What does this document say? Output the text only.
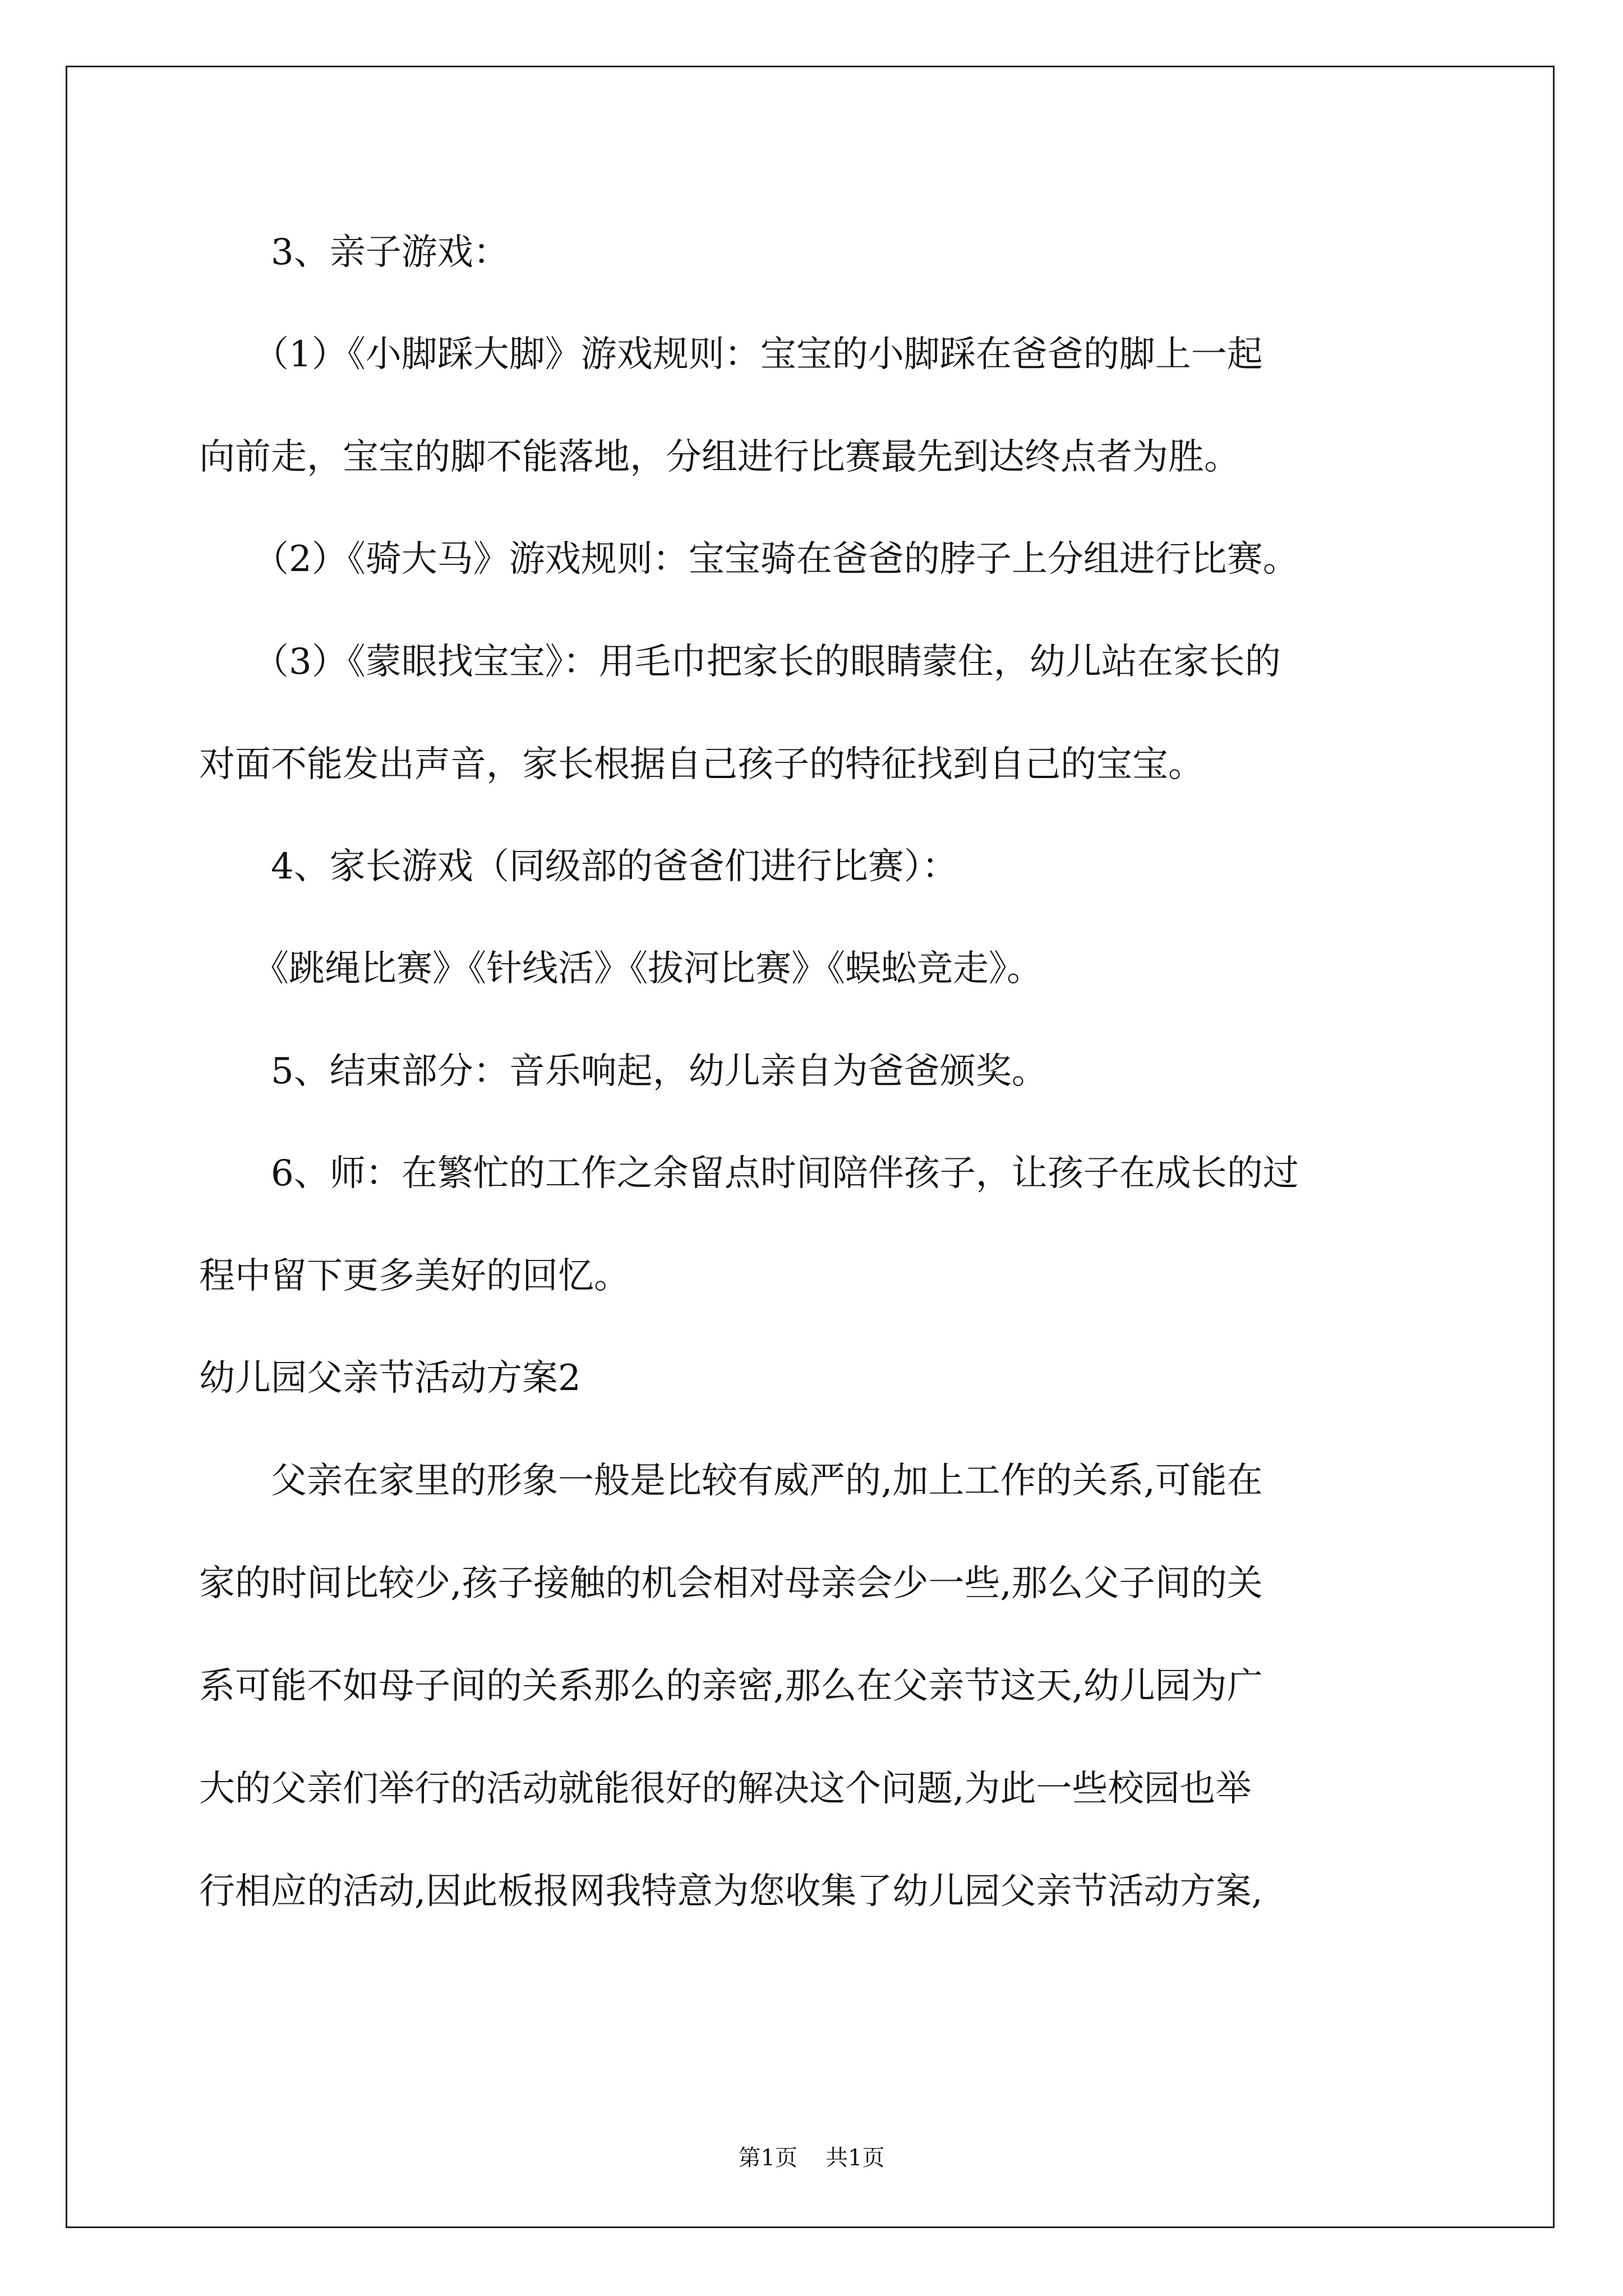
　　3、亲子游戏：
　　（1）《小脚踩大脚》游戏规则：宝宝的小脚踩在爸爸的脚上一起
向前走，宝宝的脚不能落地，分组进行比赛最先到达终点者为胜。
　　（2）《骑大马》游戏规则：宝宝骑在爸爸的脖子上分组进行比赛。
　　（3）《蒙眼找宝宝》：用毛巾把家长的眼睛蒙住，幼儿站在家长的
对面不能发出声音，家长根据自己孩子的特征找到自己的宝宝。
　　4、家长游戏（同级部的爸爸们进行比赛）：
　　《跳绳比赛》《针线活》《拔河比赛》《蜈蚣竞走》。
　　5、结束部分：音乐响起，幼儿亲自为爸爸颁奖。
　　6、师：在繁忙的工作之余留点时间陪伴孩子，让孩子在成长的过
程中留下更多美好的回忆。
幼儿园父亲节活动方案2
　　父亲在家里的形象一般是比较有威严的,加上工作的关系,可能在
家的时间比较少,孩子接触的机会相对母亲会少一些,那么父子间的关
系可能不如母子间的关系那么的亲密,那么在父亲节这天,幼儿园为广
大的父亲们举行的活动就能很好的解决这个问题,为此一些校园也举
行相应的活动,因此板报网我特意为您收集了幼儿园父亲节活动方案,
第1页 共1页
